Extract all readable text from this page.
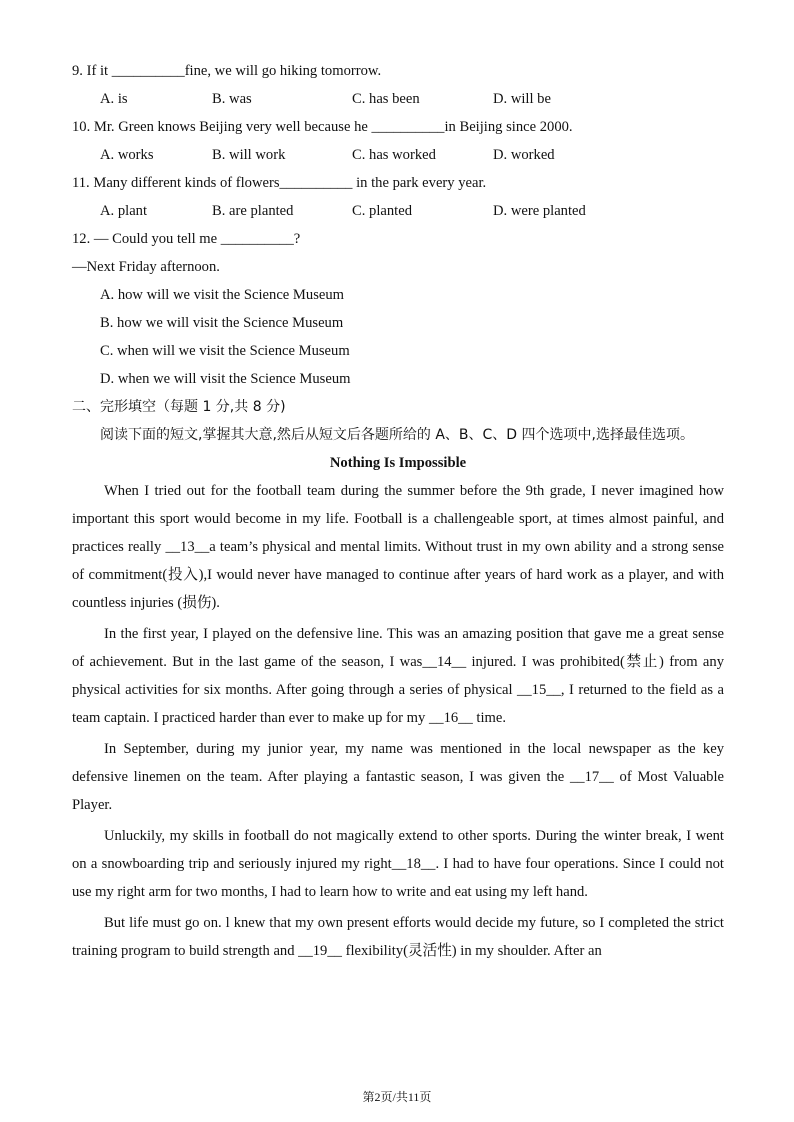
9. If it __________fine, we will go hiking tomorrow.
A. is	B. was	C. has been	D. will be
10. Mr. Green knows Beijing very well because he __________in Beijing since 2000.
A. works	B. will work	C. has worked	D. worked
11. Many different kinds of flowers__________ in the park every year.
A. plant	B. are planted	C. planted	D. were planted
12. — Could you tell me __________?
—Next Friday afternoon.
A. how will we visit the Science Museum
B. how we will visit the Science Museum
C. when will we visit the Science Museum
D. when we will visit the Science Museum
二、完形填空（每题 1 分,共 8 分)
阅读下面的短文,掌握其大意,然后从短文后各题所给的 A、B、C、D 四个选项中,选择最佳选项。
Nothing Is Impossible

When I tried out for the football team during the summer before the 9th grade, I never imagined how important this sport would become in my life. Football is a challengeable sport, at times almost painful, and practices really __13__a team’s physical and mental limits. Without trust in my own ability and a strong sense of commitment(投入),I would never have managed to continue after years of hard work as a player, and with countless injuries (损伤).

In the first year, I played on the defensive line. This was an amazing position that gave me a great sense of achievement. But in the last game of the season, I was__14__ injured. I was prohibited(禁止) from any physical activities for six months. After going through a series of physical __15__, I returned to the field as a team captain. I practiced harder than ever to make up for my __16__ time.

In September, during my junior year, my name was mentioned in the local newspaper as the key defensive linemen on the team. After playing a fantastic season, I was given the __17__ of Most Valuable Player.

Unluckily, my skills in football do not magically extend to other sports. During the winter break, I went on a snowboarding trip and seriously injured my right__18__. I had to have four operations. Since I could not use my right arm for two months, I had to learn how to write and eat using my left hand.

But life must go on. l knew that my own present efforts would decide my future, so I completed the strict training program to build strength and __19__ flexibility(灵活性) in my shoulder. After an

第2页/共11页
